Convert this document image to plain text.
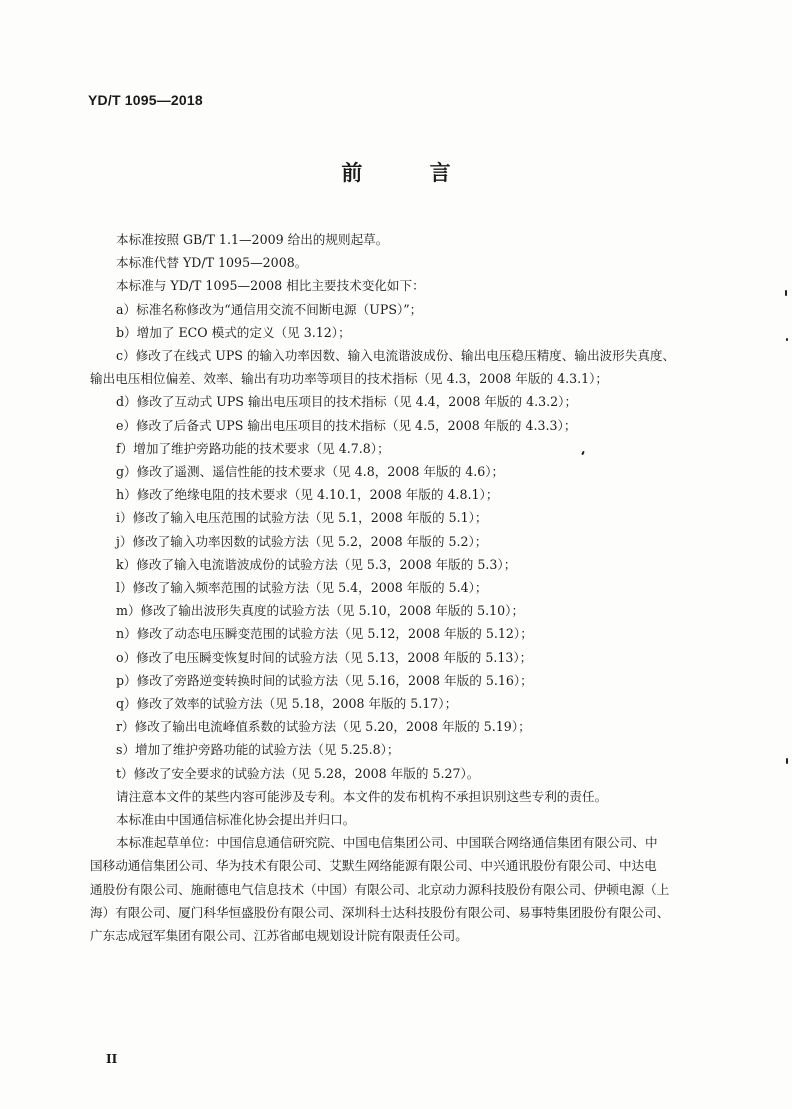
YD/T 1095—2018
前 言

本标准按照 GB/T 1.1—2009 给出的规则起草。

本标准代替 YD/T 1095—2008。

本标准与 YD/T 1095—2008 相比主要技术变化如下：

a）标准名称修改为“通信用交流不间断电源（UPS）”；

b）增加了 ECO 模式的定义（见 3.12）；

c）修改了在线式 UPS 的输入功率因数、输入电流谐波成份、输出电压稳压精度、输出波形失真度、

输出电压相位偏差、效率、输出有功功率等项目的技术指标（见 4.3，2008 年版的 4.3.1）；

d）修改了互动式 UPS 输出电压项目的技术指标（见 4.4，2008 年版的 4.3.2）；

e）修改了后备式 UPS 输出电压项目的技术指标（见 4.5，2008 年版的 4.3.3）；

f）增加了维护旁路功能的技术要求（见 4.7.8）；

g）修改了遥测、遥信性能的技术要求（见 4.8，2008 年版的 4.6）；

h）修改了绝缘电阻的技术要求（见 4.10.1，2008 年版的 4.8.1）；

i）修改了输入电压范围的试验方法（见 5.1，2008 年版的 5.1）；

j）修改了输入功率因数的试验方法（见 5.2，2008 年版的 5.2）；

k）修改了输入电流谐波成份的试验方法（见 5.3，2008 年版的 5.3）；

l）修改了输入频率范围的试验方法（见 5.4，2008 年版的 5.4）；

m）修改了输出波形失真度的试验方法（见 5.10，2008 年版的 5.10）；

n）修改了动态电压瞬变范围的试验方法（见 5.12，2008 年版的 5.12）；

o）修改了电压瞬变恢复时间的试验方法（见 5.13，2008 年版的 5.13）；

p）修改了旁路逆变转换时间的试验方法（见 5.16，2008 年版的 5.16）；

q）修改了效率的试验方法（见 5.18，2008 年版的 5.17）；

r）修改了输出电流峰值系数的试验方法（见 5.20，2008 年版的 5.19）；

s）增加了维护旁路功能的试验方法（见 5.25.8）；

t）修改了安全要求的试验方法（见 5.28，2008 年版的 5.27）。

请注意本文件的某些内容可能涉及专利。本文件的发布机构不承担识别这些专利的责任。

本标准由中国通信标准化协会提出并归口。

本标准起草单位：中国信息通信研究院、中国电信集团公司、中国联合网络通信集团有限公司、中

国移动通信集团公司、华为技术有限公司、艾默生网络能源有限公司、中兴通讯股份有限公司、中达电

通股份有限公司、施耐德电气信息技术（中国）有限公司、北京动力源科技股份有限公司、伊顿电源（上

海）有限公司、厦门科华恒盛股份有限公司、深圳科士达科技股份有限公司、易事特集团股份有限公司、

广东志成冠军集团有限公司、江苏省邮电规划设计院有限责任公司。

II
